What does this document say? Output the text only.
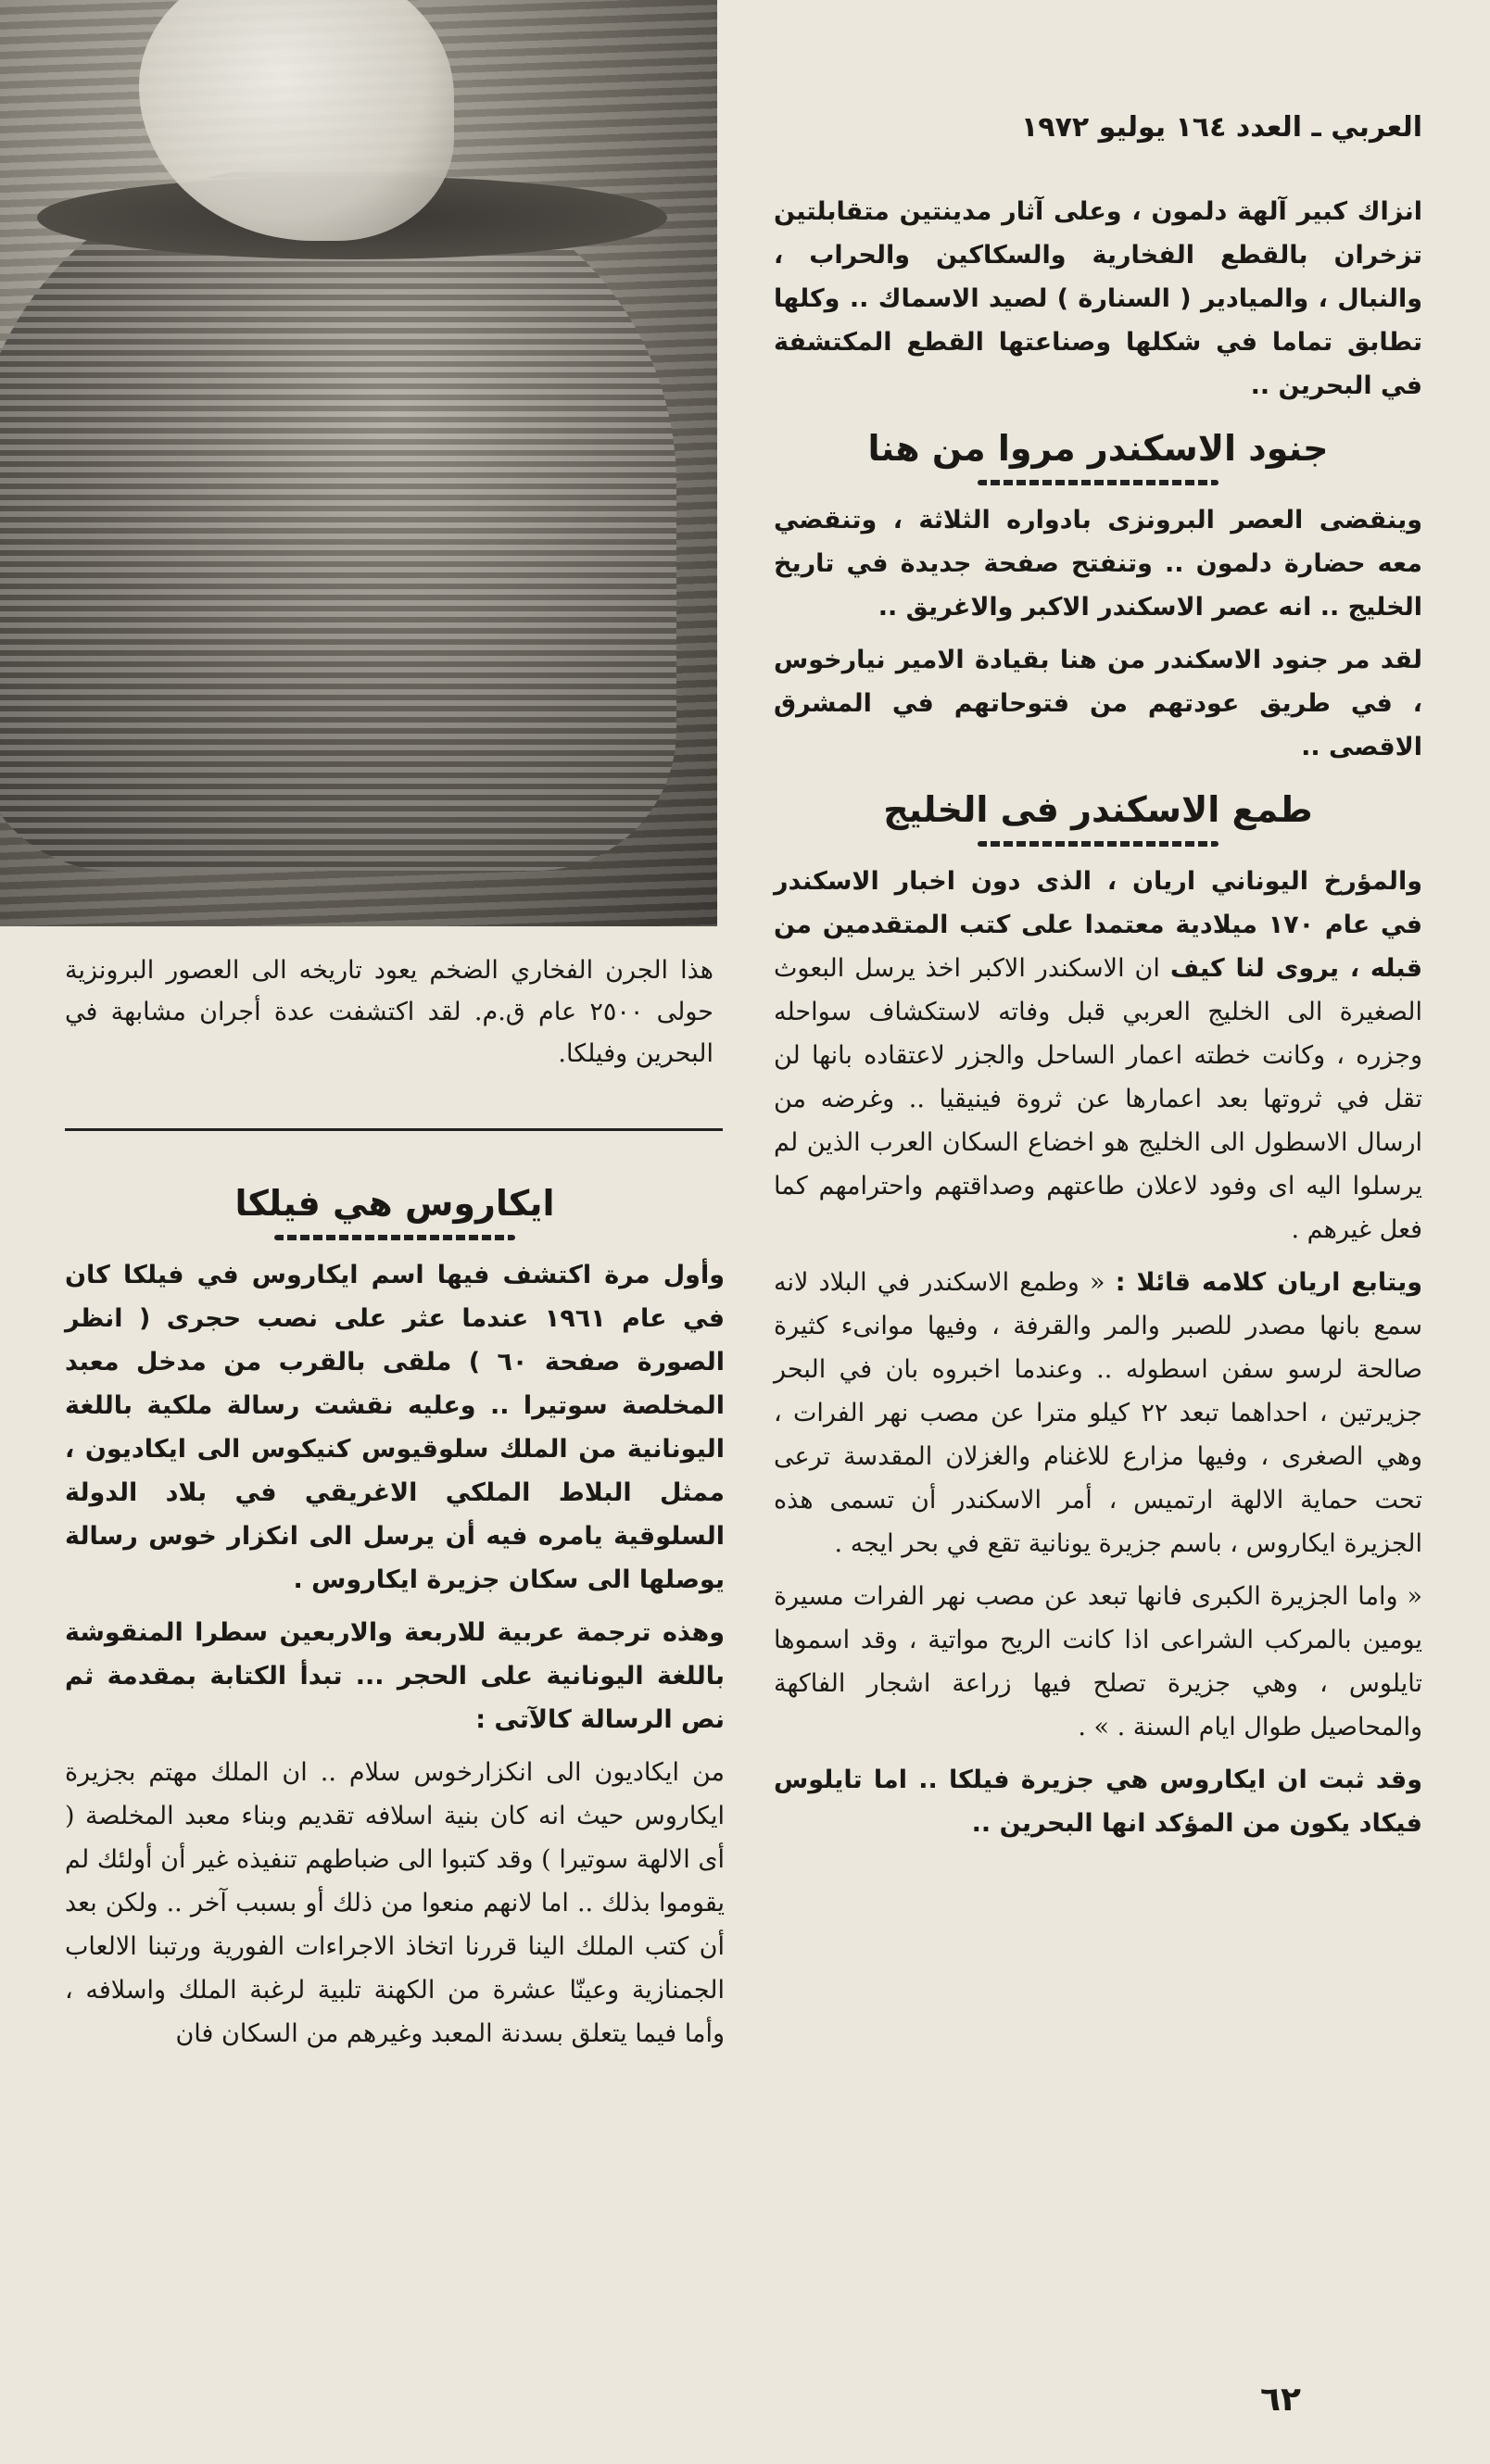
هذا الجرن الفخاري الضخم يعود تاريخه الى العصور البرونزية حولى ٢٥٠٠ عام ق.م. لقد اكتشفت عدة أجران مشابهة في البحرين وفيلكا.
العربي ـ العدد ١٦٤ يوليو ١٩٧٢

انزاك كبير آلهة دلمون ، وعلى آثار مدينتين متقابلتين تزخران بالقطع الفخارية والسكاكين والحراب ، والنبال ، والميادير ( السنارة ) لصيد الاسماك .. وكلها تطابق تماما في شكلها وصناعتها القطع المكتشفة في البحرين ..

جنود الاسكندر مروا من هنا

وينقضى العصر البرونزى بادواره الثلاثة ، وتنقضي معه حضارة دلمون .. وتنفتح صفحة جديدة في تاريخ الخليج .. انه عصر الاسكندر الاكبر والاغريق ..

لقد مر جنود الاسكندر من هنا بقيادة الامير نيارخوس ، في طريق عودتهم من فتوحاتهم في المشرق الاقصى ..

طمع الاسكندر فى الخليج

والمؤرخ اليوناني اريان ، الذى دون اخبار الاسكندر في عام ١٧٠ ميلادية معتمدا على كتب المتقدمين من قبله ، يروى لنا كيف ان الاسكندر الاكبر اخذ يرسل البعوث الصغيرة الى الخليج العربي قبل وفاته لاستكشاف سواحله وجزره ، وكانت خطته اعمار الساحل والجزر لاعتقاده بانها لن تقل في ثروتها بعد اعمارها عن ثروة فينيقيا .. وغرضه من ارسال الاسطول الى الخليج هو اخضاع السكان العرب الذين لم يرسلوا اليه اى وفود لاعلان طاعتهم وصداقتهم واحترامهم كما فعل غيرهم .

ويتابع اريان كلامه قائلا : « وطمع الاسكندر في البلاد لانه سمع بانها مصدر للصبر والمر والقرفة ، وفيها موانىء كثيرة صالحة لرسو سفن اسطوله .. وعندما اخبروه بان في البحر جزيرتين ، احداهما تبعد ٢٢ كيلو مترا عن مصب نهر الفرات ، وهي الصغرى ، وفيها مزارع للاغنام والغزلان المقدسة ترعى تحت حماية الالهة ارتميس ، أمر الاسكندر أن تسمى هذه الجزيرة ايكاروس ، باسم جزيرة يونانية تقع في بحر ايجه .

« واما الجزيرة الكبرى فانها تبعد عن مصب نهر الفرات مسيرة يومين بالمركب الشراعى اذا كانت الريح مواتية ، وقد اسموها تايلوس ، وهي جزيرة تصلح فيها زراعة اشجار الفاكهة والمحاصيل طوال ايام السنة . » .

وقد ثبت ان ايكاروس هي جزيرة فيلكا .. اما تايلوس فيكاد يكون من المؤكد انها البحرين ..

ايكاروس هي فيلكا

وأول مرة اكتشف فيها اسم ايكاروس في فيلكا كان في عام ١٩٦١ عندما عثر على نصب حجرى ( انظر الصورة صفحة ٦٠ ) ملقى بالقرب من مدخل معبد المخلصة سوتيرا .. وعليه نقشت رسالة ملكية باللغة اليونانية من الملك سلوقيوس كنيكوس الى ايكاديون ، ممثل البلاط الملكي الاغريقي في بلاد الدولة السلوقية يامره فيه أن يرسل الى انكزار خوس رسالة يوصلها الى سكان جزيرة ايكاروس .

وهذه ترجمة عربية للاربعة والاربعين سطرا المنقوشة باللغة اليونانية على الحجر ... تبدأ الكتابة بمقدمة ثم نص الرسالة كالآتى :

من ايكاديون الى انكزارخوس سلام .. ان الملك مهتم بجزيرة ايكاروس حيث انه كان بنية اسلافه تقديم وبناء معبد المخلصة ( أى الالهة سوتيرا ) وقد كتبوا الى ضباطهم تنفيذه غير أن أولئك لم يقوموا بذلك .. اما لانهم منعوا من ذلك أو بسبب آخر .. ولكن بعد أن كتب الملك الينا قررنا اتخاذ الاجراءات الفورية ورتبنا الالعاب الجمنازية وعينّا عشرة من الكهنة تلبية لرغبة الملك واسلافه ، وأما فيما يتعلق بسدنة المعبد وغيرهم من السكان فان

٦٢
